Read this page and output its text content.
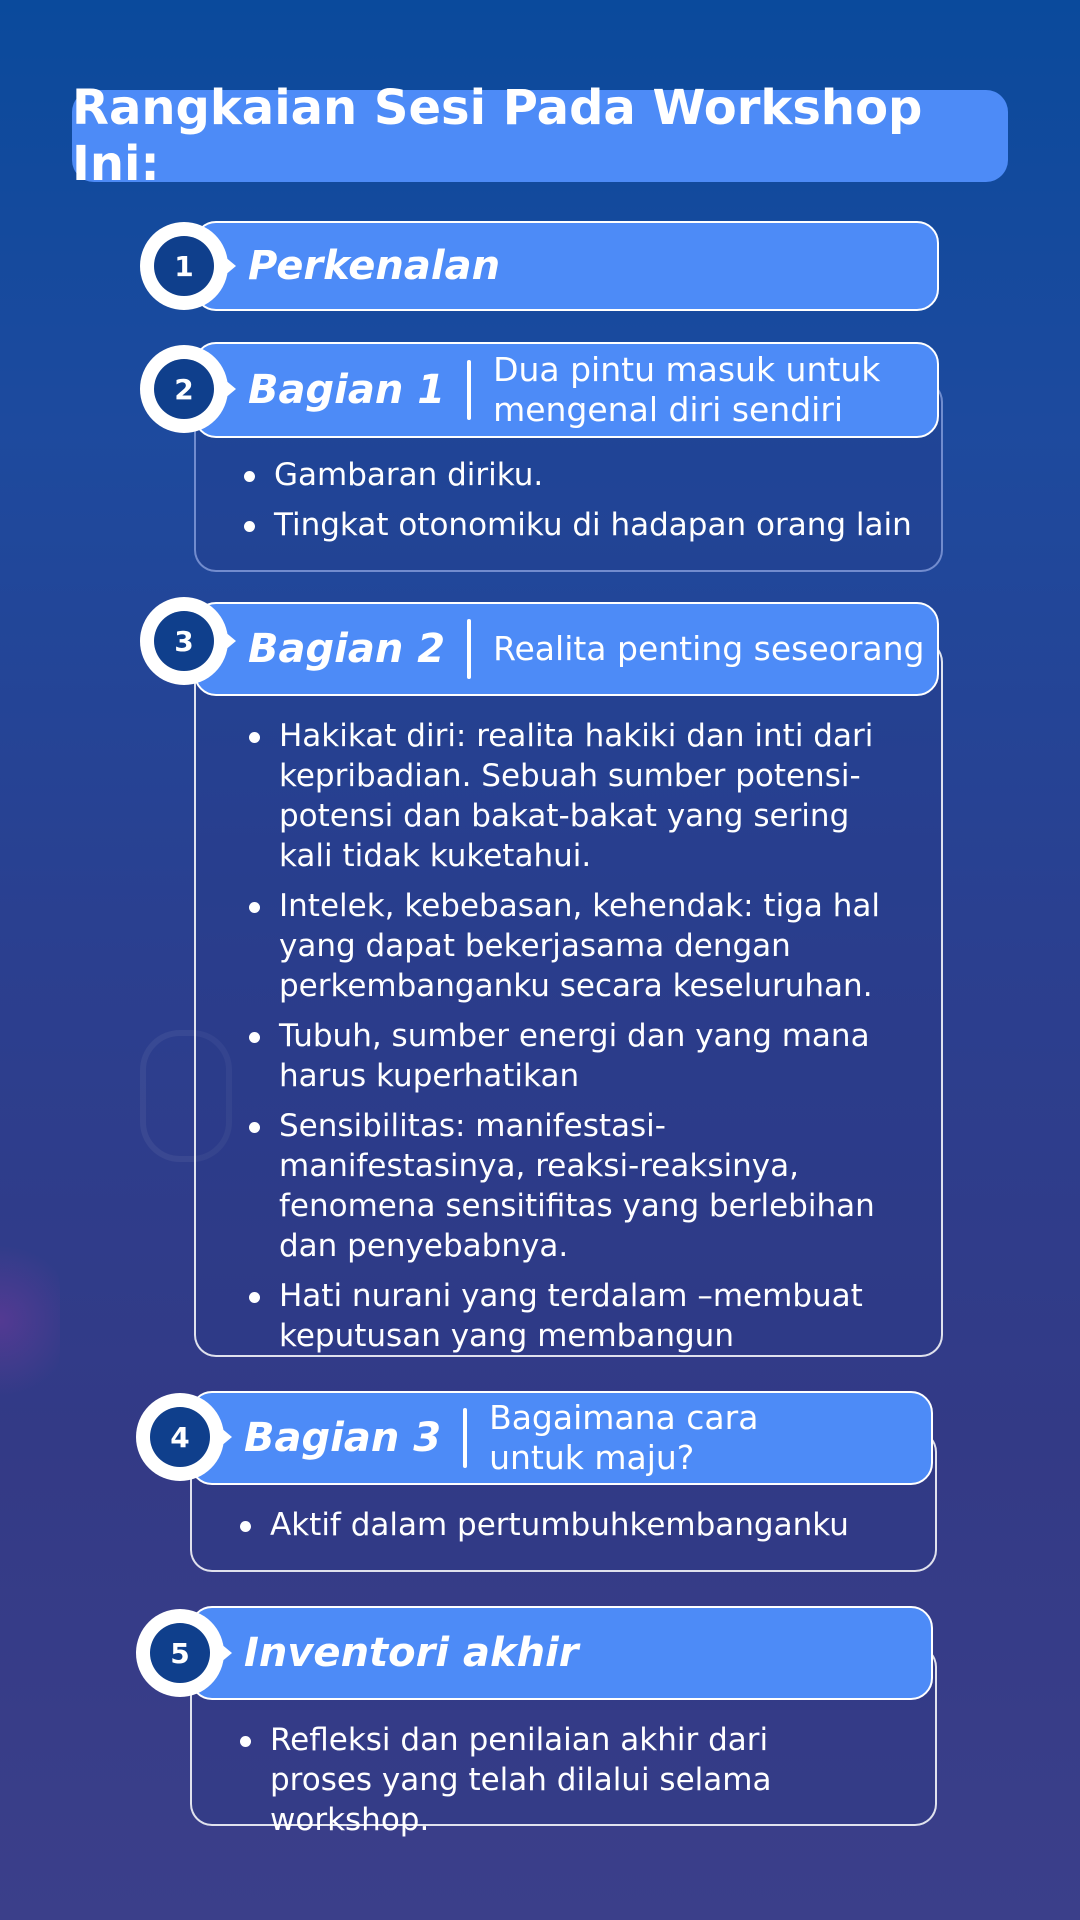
Rangkaian Sesi Pada Workshop Ini:
Perkenalan
1
Bagian 1 Dua pintu masuk untuk mengenal diri sendiri
2
Gambaran diriku.
Tingkat otonomiku di hadapan orang lain
Bagian 2 Realita penting seseorang
3
Hakikat diri: realita hakiki dan inti dari kepribadian. Sebuah sumber potensi-potensi dan bakat-bakat yang sering kali tidak kuketahui.
Intelek, kebebasan, kehendak: tiga hal yang dapat bekerjasama dengan perkembanganku secara keseluruhan.
Tubuh, sumber energi dan yang mana harus kuperhatikan
Sensibilitas: manifestasi-manifestasinya, reaksi-reaksinya, fenomena sensitifitas yang berlebihan dan penyebabnya.
Hati nurani yang terdalam –membuat keputusan yang membangun
Bagian 3 Bagaimana cara untuk maju?
4
Aktif dalam pertumbuhkembanganku
Inventori akhir
5
Refleksi dan penilaian akhir dari proses yang telah dilalui selama workshop.
